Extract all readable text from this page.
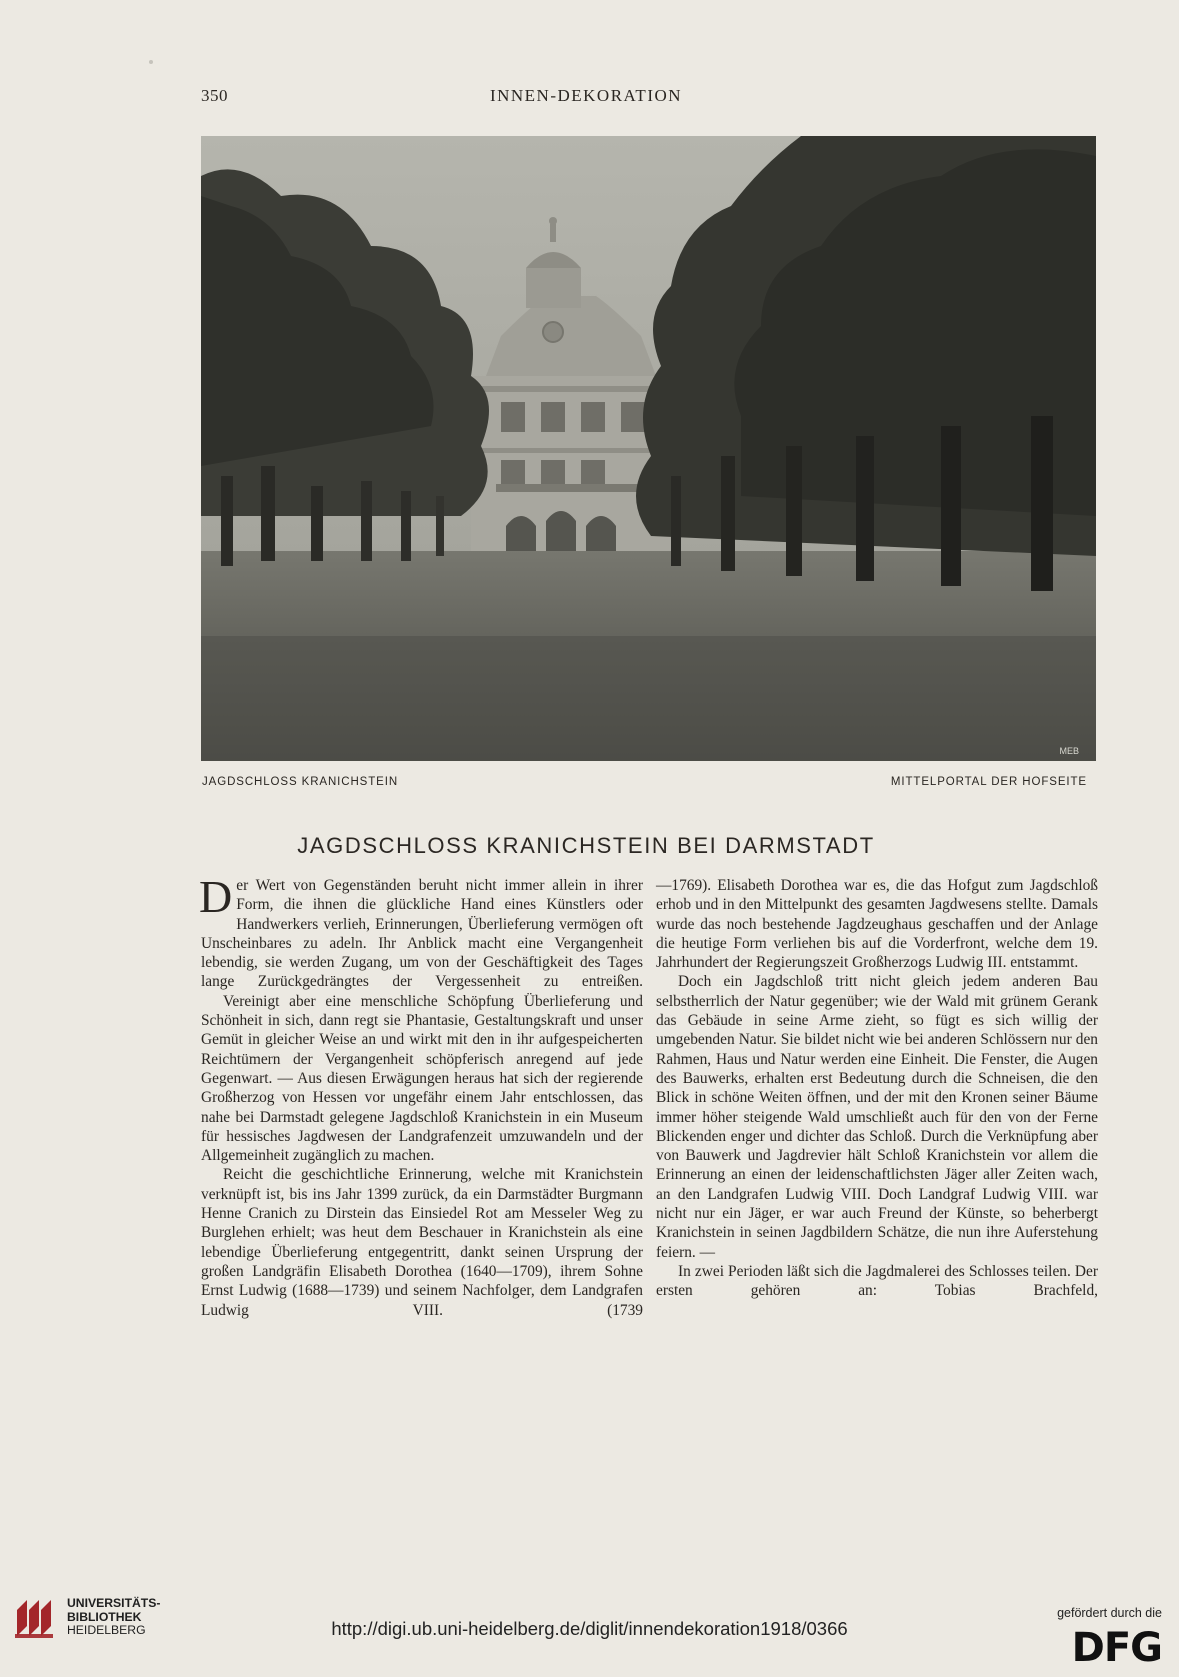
350	INNEN-DEKORATION
MEB
JAGDSCHLOSS KRANICHSTEIN	MITTELPORTAL DER HOFSEITE
JAGDSCHLOSS KRANICHSTEIN BEI DARMSTADT

Der Wert von Gegenständen beruht nicht immer allein in ihrer Form, die ihnen die glückliche Hand eines Künstlers oder Handwerkers verlieh, Erinnerungen, Überlieferung vermögen oft Unscheinbares zu adeln. Ihr Anblick macht eine Vergangenheit lebendig, sie werden Zugang, um von der Geschäftigkeit des Tages lange Zurückgedrängtes der Vergessenheit zu entreißen.

Vereinigt aber eine menschliche Schöpfung Überlieferung und Schönheit in sich, dann regt sie Phantasie, Gestaltungskraft und unser Gemüt in gleicher Weise an und wirkt mit den in ihr aufgespeicherten Reichtümern der Vergangenheit schöpferisch anregend auf jede Gegenwart. — Aus diesen Erwägungen heraus hat sich der regierende Großherzog von Hessen vor ungefähr einem Jahr entschlossen, das nahe bei Darmstadt gelegene Jagdschloß Kranichstein in ein Museum für hessisches Jagdwesen der Landgrafenzeit umzuwandeln und der Allgemeinheit zugänglich zu machen.

Reicht die geschichtliche Erinnerung, welche mit Kranichstein verknüpft ist, bis ins Jahr 1399 zurück, da ein Darmstädter Burgmann Henne Cranich zu Dirstein das Einsiedel Rot am Messeler Weg zu Burglehen erhielt; was heut dem Beschauer in Kranichstein als eine lebendige Überlieferung entgegentritt, dankt seinen Ursprung der großen Landgräfin Elisabeth Dorothea (1640—1709), ihrem Sohne Ernst Ludwig (1688—1739) und seinem Nachfolger, dem Landgrafen Ludwig VIII. (1739

—1769). Elisabeth Dorothea war es, die das Hofgut zum Jagdschloß erhob und in den Mittelpunkt des gesamten Jagdwesens stellte. Damals wurde das noch bestehende Jagdzeughaus geschaffen und der Anlage die heutige Form verliehen bis auf die Vorderfront, welche dem 19. Jahrhundert der Regierungszeit Großherzogs Ludwig III. entstammt.

Doch ein Jagdschloß tritt nicht gleich jedem anderen Bau selbstherrlich der Natur gegenüber; wie der Wald mit grünem Gerank das Gebäude in seine Arme zieht, so fügt es sich willig der umgebenden Natur. Sie bildet nicht wie bei anderen Schlössern nur den Rahmen, Haus und Natur werden eine Einheit. Die Fenster, die Augen des Bauwerks, erhalten erst Bedeutung durch die Schneisen, die den Blick in schöne Weiten öffnen, und der mit den Kronen seiner Bäume immer höher steigende Wald umschließt auch für den von der Ferne Blickenden enger und dichter das Schloß. Durch die Verknüpfung aber von Bauwerk und Jagdrevier hält Schloß Kranichstein vor allem die Erinnerung an einen der leidenschaftlichsten Jäger aller Zeiten wach, an den Landgrafen Ludwig VIII. Doch Landgraf Ludwig VIII. war nicht nur ein Jäger, er war auch Freund der Künste, so beherbergt Kranichstein in seinen Jagdbildern Schätze, die nun ihre Auferstehung feiern. —

In zwei Perioden läßt sich die Jagdmalerei des Schlosses teilen. Der ersten gehören an: Tobias Brachfeld,

UNIVERSITÄTS-
BIBLIOTHEK
HEIDELBERG	http://digi.ub.uni-heidelberg.de/diglit/innendekoration1918/0366
gefördert durch die
DFG
